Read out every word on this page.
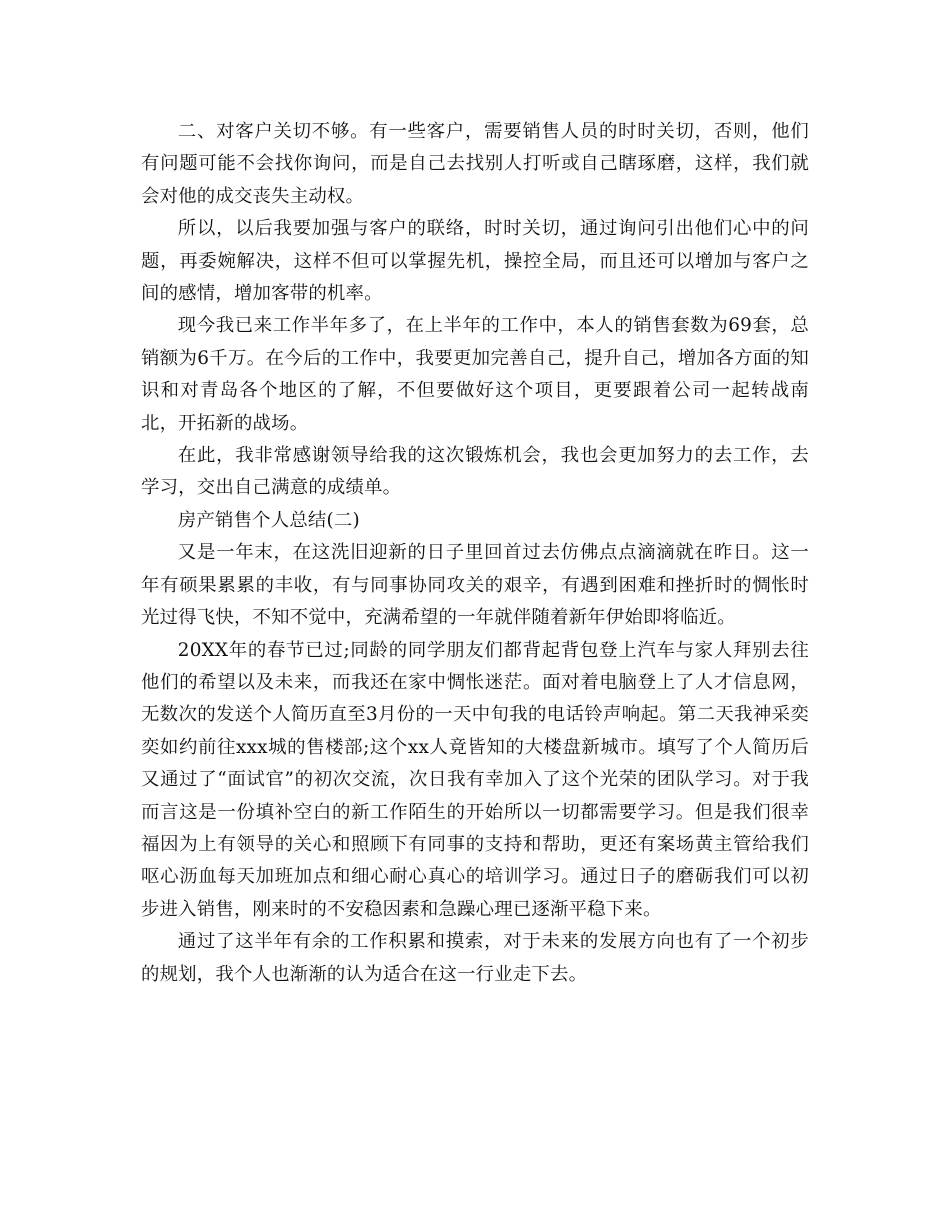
二、对客户关切不够。有一些客户，需要销售人员的时时关切，否则，他们有问题可能不会找你询问，而是自己去找别人打听或自己瞎琢磨，这样，我们就会对他的成交丧失主动权。

所以，以后我要加强与客户的联络，时时关切，通过询问引出他们心中的问题，再委婉解决，这样不但可以掌握先机，操控全局，而且还可以增加与客户之间的感情，增加客带的机率。

现今我已来工作半年多了，在上半年的工作中，本人的销售套数为69套，总销额为6千万。在今后的工作中，我要更加完善自己，提升自己，增加各方面的知识和对青岛各个地区的了解，不但要做好这个项目，更要跟着公司一起转战南北，开拓新的战场。

在此，我非常感谢领导给我的这次锻炼机会，我也会更加努力的去工作，去学习，交出自己满意的成绩单。

房产销售个人总结(二)

又是一年末，在这洗旧迎新的日子里回首过去仿佛点点滴滴就在昨日。这一年有硕果累累的丰收，有与同事协同攻关的艰辛，有遇到困难和挫折时的惆怅时光过得飞快，不知不觉中，充满希望的一年就伴随着新年伊始即将临近。

20XX年的春节已过;同龄的同学朋友们都背起背包登上汽车与家人拜别去往他们的希望以及未来，而我还在家中惆怅迷茫。面对着电脑登上了人才信息网，无数次的发送个人简历直至3月份的一天中旬我的电话铃声响起。第二天我神采奕奕如约前往xxx城的售楼部;这个xx人竟皆知的大楼盘新城市。填写了个人简历后又通过了“面试官”的初次交流，次日我有幸加入了这个光荣的团队学习。对于我而言这是一份填补空白的新工作陌生的开始所以一切都需要学习。但是我们很幸福因为上有领导的关心和照顾下有同事的支持和帮助，更还有案场黄主管给我们呕心沥血每天加班加点和细心耐心真心的培训学习。通过日子的磨砺我们可以初步进入销售，刚来时的不安稳因素和急躁心理已逐渐平稳下来。

通过了这半年有余的工作积累和摸索，对于未来的发展方向也有了一个初步的规划，我个人也渐渐的认为适合在这一行业走下去。
